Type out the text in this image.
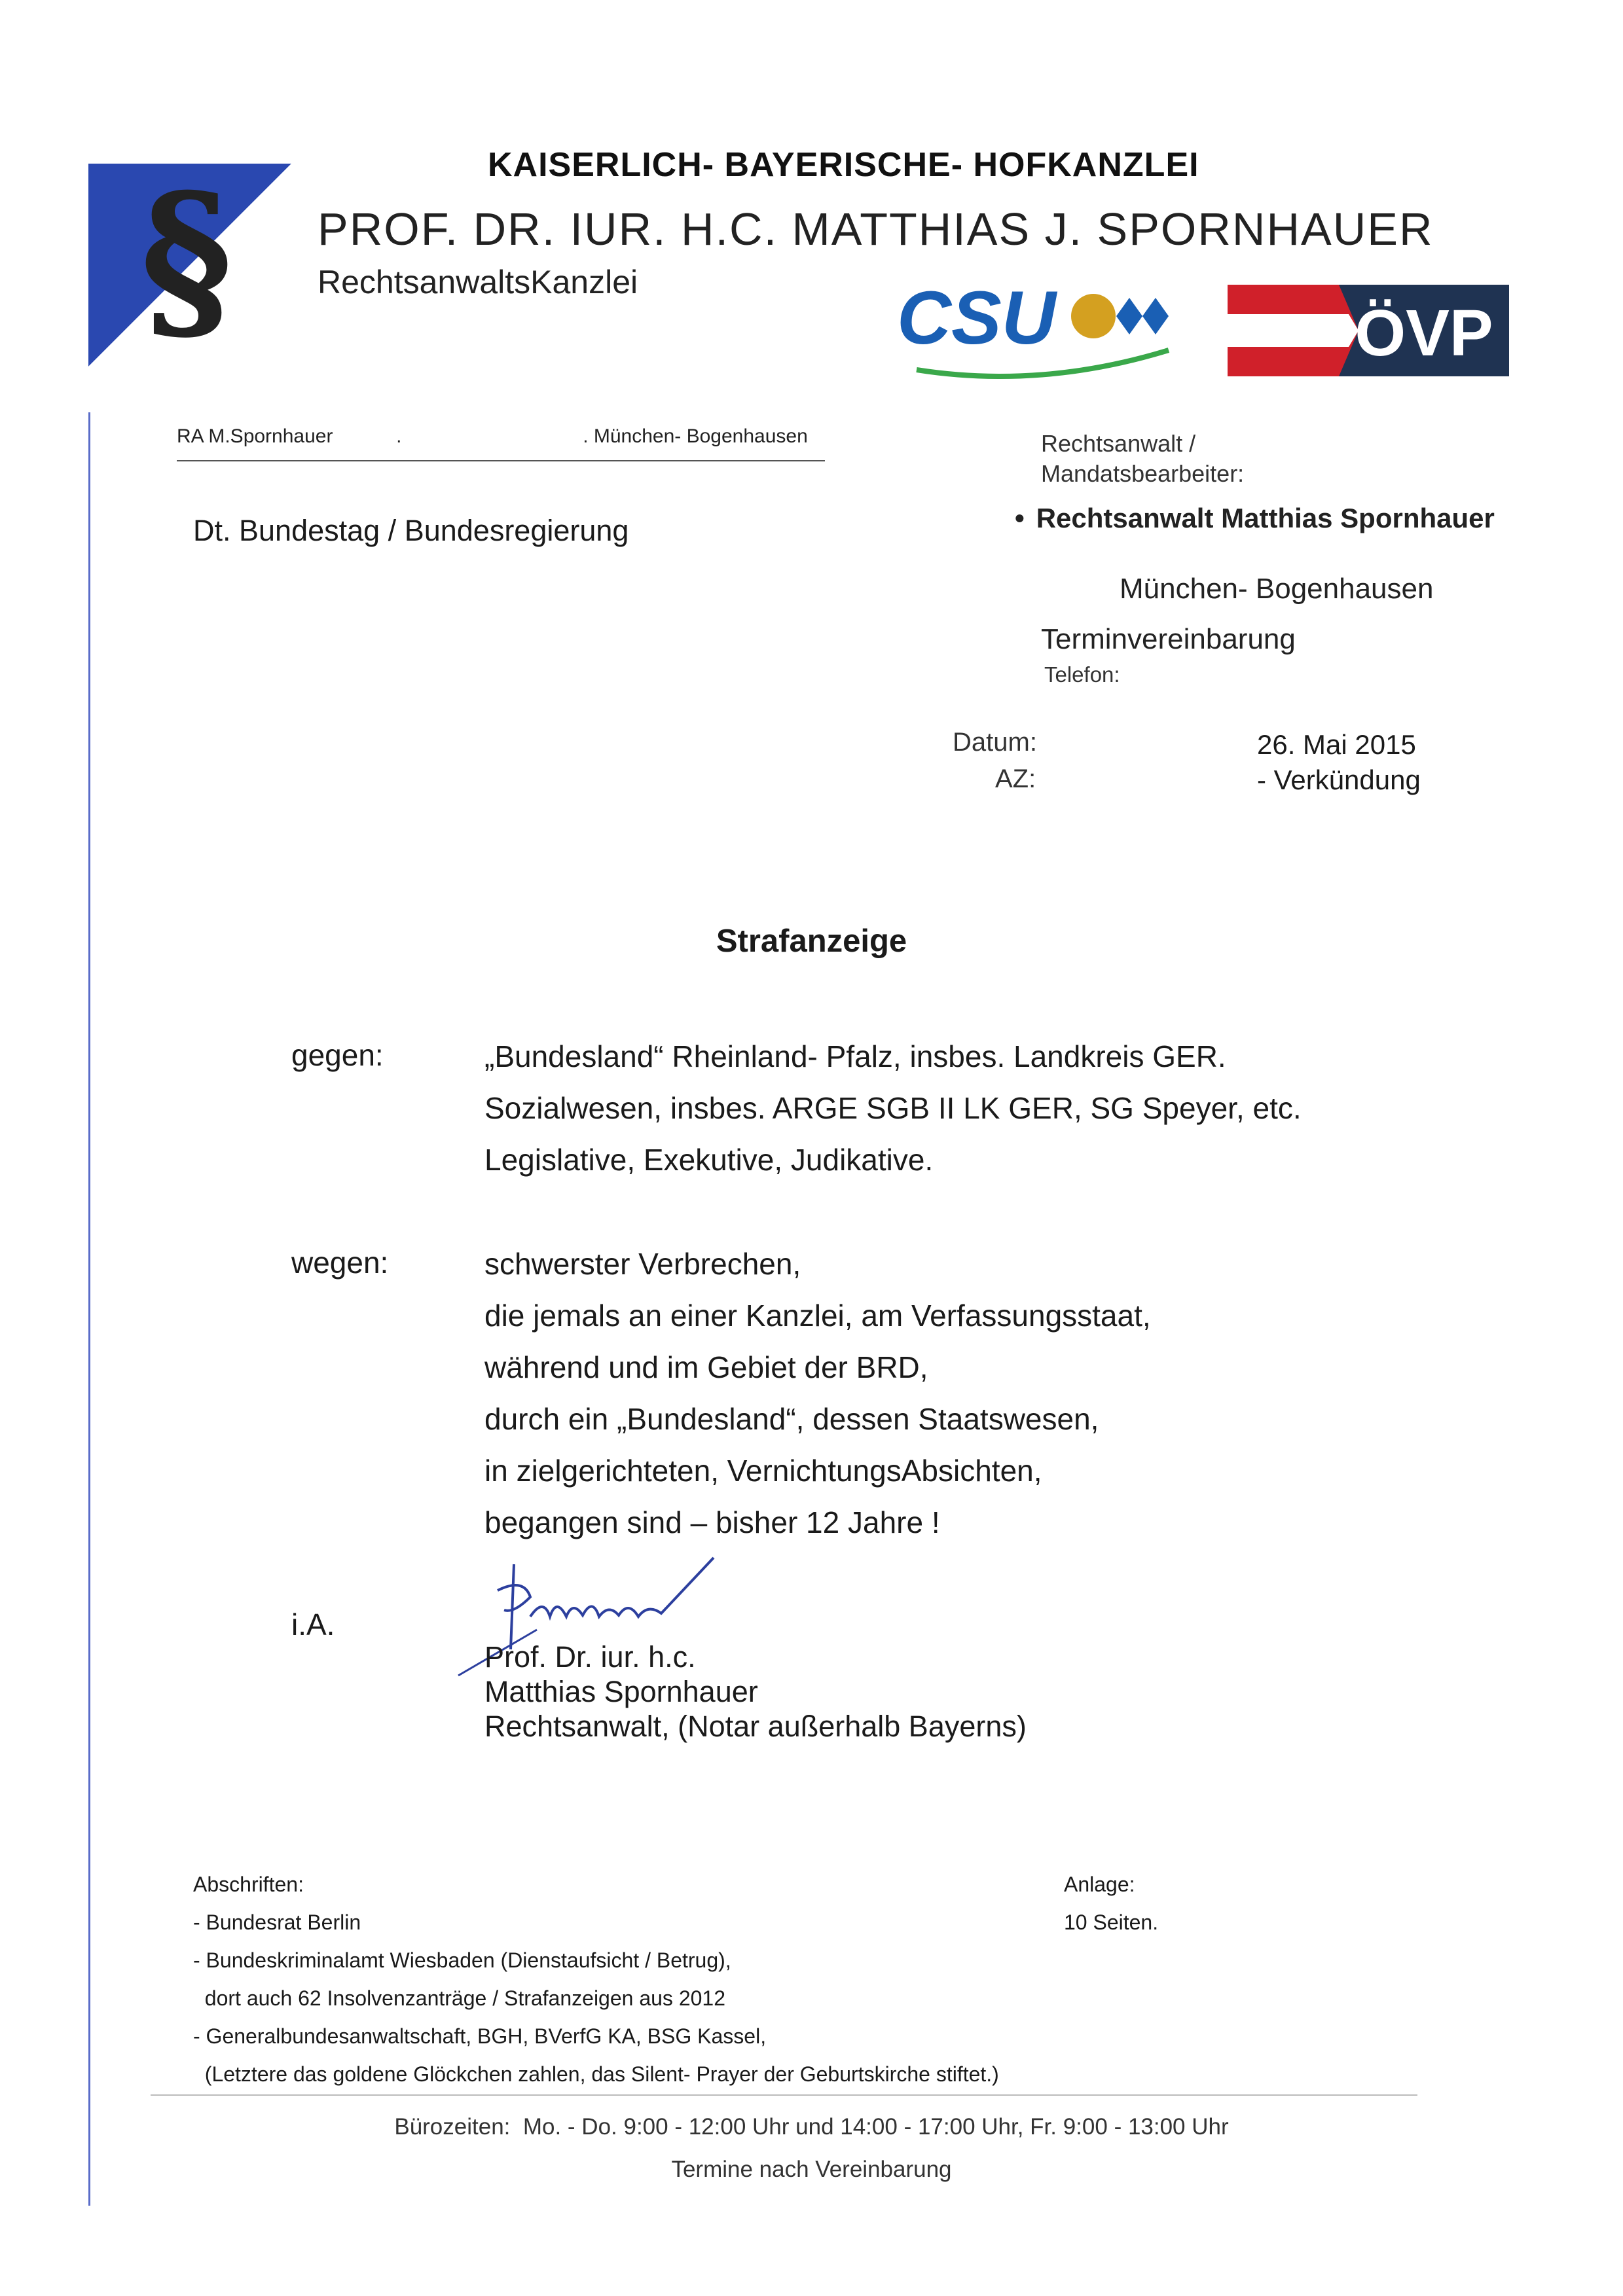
§	KAISERLICH- BAYERISCHE- HOFKANZLEI
PROF. DR. IUR. H.C. MATTHIAS J. SPORNHAUER
RechtsanwaltsKanzlei	CSU	ÖVP
RA M.Spornhauer	.	. München- Bogenhausen
Dt. Bundestag / Bundesregierung
Rechtsanwalt /
Mandatsbearbeiter:
• Rechtsanwalt Matthias Spornhauer
München- Bogenhausen
Terminvereinbarung
Telefon:
Datum:	26. Mai 2015
AZ:	- Verkündung
Strafanzeige
gegen:	„Bundesland“ Rheinland- Pfalz, insbes. Landkreis GER.
Sozialwesen, insbes. ARGE SGB II LK GER, SG Speyer, etc.
Legislative, Exekutive, Judikative.
wegen:	schwerster Verbrechen,
die jemals an einer Kanzlei, am Verfassungsstaat,
während und im Gebiet der BRD,
durch ein „Bundesland“, dessen Staatswesen,
in zielgerichteten, VernichtungsAbsichten,
begangen sind – bisher 12 Jahre !
i.A.
Prof. Dr. iur. h.c.
Matthias Spornhauer
Rechtsanwalt, (Notar außerhalb Bayerns)
Abschriften:
- Bundesrat Berlin
- Bundeskriminalamt Wiesbaden (Dienstaufsicht / Betrug),
dort auch 62 Insolvenzanträge / Strafanzeigen aus 2012
- Generalbundesanwaltschaft, BGH, BVerfG KA, BSG Kassel,
(Letztere das goldene Glöckchen zahlen, das Silent- Prayer der Geburtskirche stiftet.)
Anlage:
10 Seiten.
Bürozeiten:  Mo. - Do. 9:00 - 12:00 Uhr und 14:00 - 17:00 Uhr, Fr. 9:00 - 13:00 Uhr
Termine nach Vereinbarung
